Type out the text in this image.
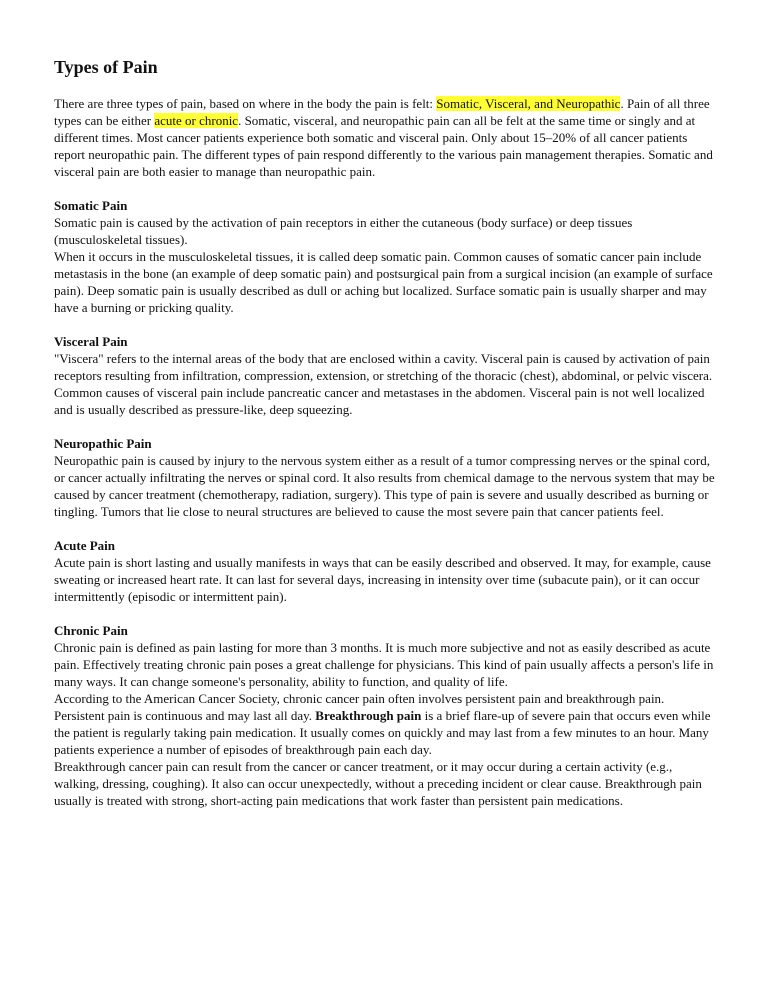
Types of Pain

There are three types of pain, based on where in the body the pain is felt: Somatic, Visceral, and Neuropathic. Pain of all three types can be either acute or chronic. Somatic, visceral, and neuropathic pain can all be felt at the same time or singly and at different times. Most cancer patients experience both somatic and visceral pain. Only about 15–20% of all cancer patients report neuropathic pain. The different types of pain respond differently to the various pain management therapies. Somatic and visceral pain are both easier to manage than neuropathic pain.

Somatic Pain

Somatic pain is caused by the activation of pain receptors in either the cutaneous (body surface) or deep tissues (musculoskeletal tissues).

When it occurs in the musculoskeletal tissues, it is called deep somatic pain. Common causes of somatic cancer pain include metastasis in the bone (an example of deep somatic pain) and postsurgical pain from a surgical incision (an example of surface pain). Deep somatic pain is usually described as dull or aching but localized. Surface somatic pain is usually sharper and may have a burning or pricking quality.

Visceral Pain

"Viscera" refers to the internal areas of the body that are enclosed within a cavity. Visceral pain is caused by activation of pain receptors resulting from infiltration, compression, extension, or stretching of the thoracic (chest), abdominal, or pelvic viscera. Common causes of visceral pain include pancreatic cancer and metastases in the abdomen. Visceral pain is not well localized and is usually described as pressure-like, deep squeezing.

Neuropathic Pain

Neuropathic pain is caused by injury to the nervous system either as a result of a tumor compressing nerves or the spinal cord, or cancer actually infiltrating the nerves or spinal cord. It also results from chemical damage to the nervous system that may be caused by cancer treatment (chemotherapy, radiation, surgery). This type of pain is severe and usually described as burning or tingling. Tumors that lie close to neural structures are believed to cause the most severe pain that cancer patients feel.

Acute Pain

Acute pain is short lasting and usually manifests in ways that can be easily described and observed. It may, for example, cause sweating or increased heart rate. It can last for several days, increasing in intensity over time (subacute pain), or it can occur intermittently (episodic or intermittent pain).

Chronic Pain

Chronic pain is defined as pain lasting for more than 3 months. It is much more subjective and not as easily described as acute pain. Effectively treating chronic pain poses a great challenge for physicians. This kind of pain usually affects a person's life in many ways. It can change someone's personality, ability to function, and quality of life.

According to the American Cancer Society, chronic cancer pain often involves persistent pain and breakthrough pain. Persistent pain is continuous and may last all day. Breakthrough pain is a brief flare-up of severe pain that occurs even while the patient is regularly taking pain medication. It usually comes on quickly and may last from a few minutes to an hour. Many patients experience a number of episodes of breakthrough pain each day.

Breakthrough cancer pain can result from the cancer or cancer treatment, or it may occur during a certain activity (e.g., walking, dressing, coughing). It also can occur unexpectedly, without a preceding incident or clear cause. Breakthrough pain usually is treated with strong, short-acting pain medications that work faster than persistent pain medications.
